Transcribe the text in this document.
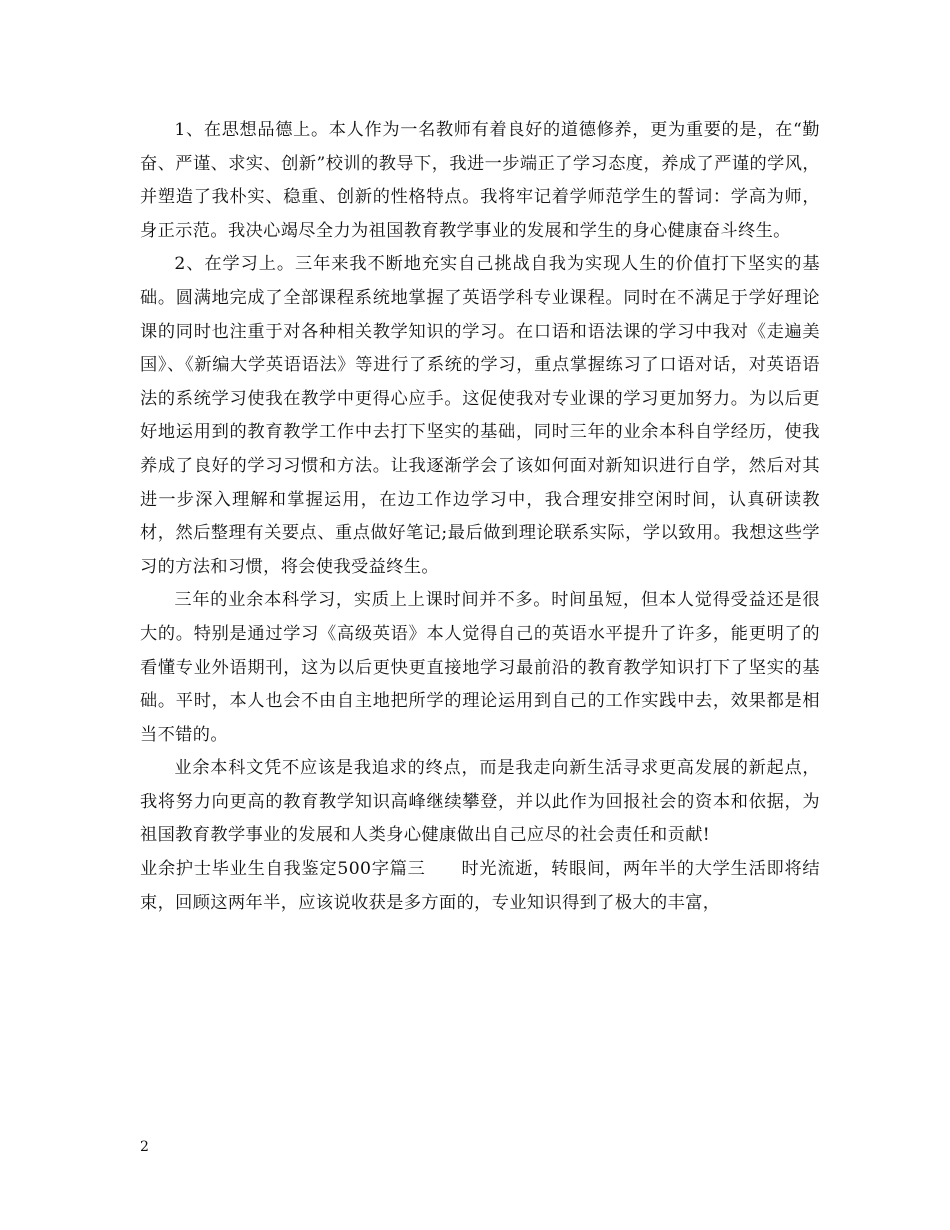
1、在思想品德上。本人作为一名教师有着良好的道德修养，更为重要的是，在“勤奋、严谨、求实、创新”校训的教导下，我进一步端正了学习态度，养成了严谨的学风，并塑造了我朴实、稳重、创新的性格特点。我将牢记着学师范学生的誓词：学高为师，身正示范。我决心竭尽全力为祖国教育教学事业的发展和学生的身心健康奋斗终生。

2、在学习上。三年来我不断地充实自己挑战自我为实现人生的价值打下坚实的基础。圆满地完成了全部课程系统地掌握了英语学科专业课程。同时在不满足于学好理论课的同时也注重于对各种相关教学知识的学习。在口语和语法课的学习中我对《走遍美国》、《新编大学英语语法》等进行了系统的学习，重点掌握练习了口语对话，对英语语法的系统学习使我在教学中更得心应手。这促使我对专业课的学习更加努力。为以后更好地运用到的教育教学工作中去打下坚实的基础，同时三年的业余本科自学经历，使我养成了良好的学习习惯和方法。让我逐渐学会了该如何面对新知识进行自学，然后对其进一步深入理解和掌握运用，在边工作边学习中，我合理安排空闲时间，认真研读教材，然后整理有关要点、重点做好笔记;最后做到理论联系实际，学以致用。我想这些学习的方法和习惯，将会使我受益终生。

三年的业余本科学习，实质上上课时间并不多。时间虽短，但本人觉得受益还是很大的。特别是通过学习《高级英语》本人觉得自己的英语水平提升了许多，能更明了的看懂专业外语期刊，这为以后更快更直接地学习最前沿的教育教学知识打下了坚实的基础。平时，本人也会不由自主地把所学的理论运用到自己的工作实践中去，效果都是相当不错的。

业余本科文凭不应该是我追求的终点，而是我走向新生活寻求更高发展的新起点，我将努力向更高的教育教学知识高峰继续攀登，并以此作为回报社会的资本和依据，为祖国教育教学事业的发展和人类身心健康做出自己应尽的社会责任和贡献!

业余护士毕业生自我鉴定500字篇三　　时光流逝，转眼间，两年半的大学生活即将结束，回顾这两年半，应该说收获是多方面的，专业知识得到了极大的丰富，

2
